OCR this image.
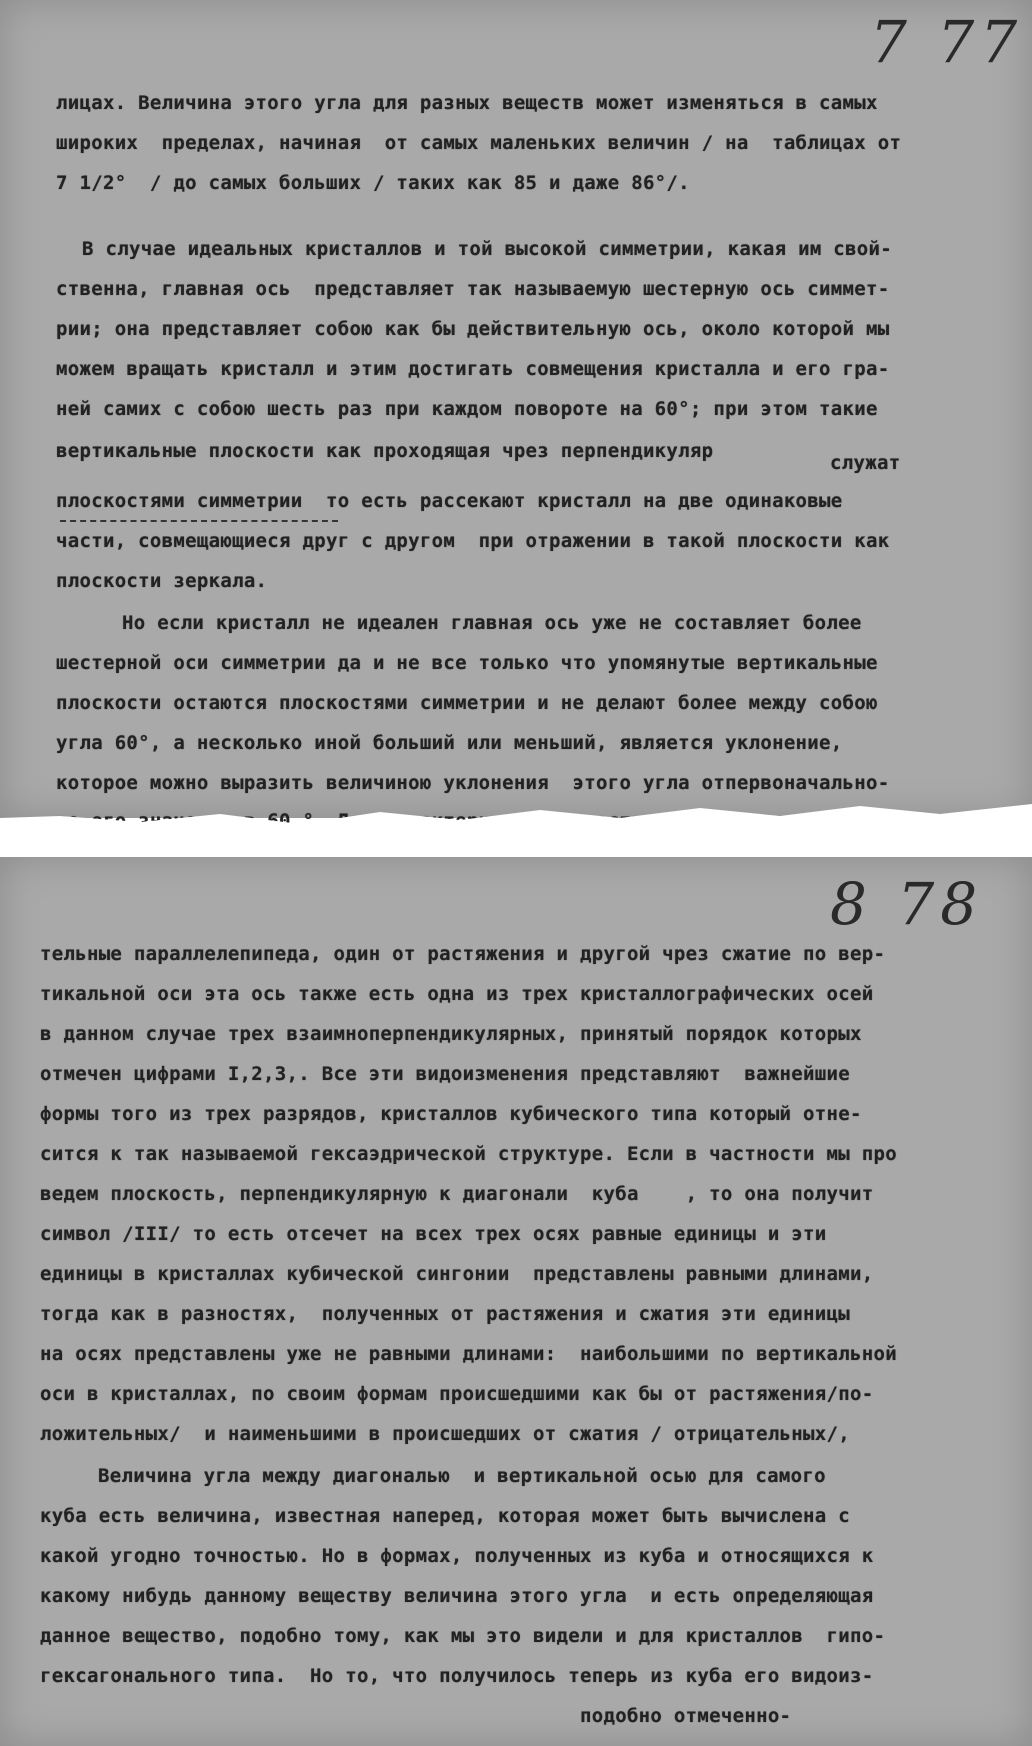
7 77
лицах. Величина этого угла для разных веществ может изменяться в самых
широких  пределах, начиная  от самых маленьких величин / на  таблицах от
7 1/2°  / до самых больших / таких как 85 и даже 86°/.
В случае идеальных кристаллов и той высокой симметрии, какая им свой-
ственна, главная ось  представляет так называемую шестерную ось симмет-
рии; она представляет собою как бы действительную ось, около которой мы
можем вращать кристалл и этим достигать совмещения кристалла и его гра-
ней самих с собою шесть раз при каждом повороте на 60°; при этом такие
вертикальные плоскости как проходящая чрез перпендикуляр
служат
плоскостями симметрии  то есть рассекают кристалл на две одинаковые
части, совмещающиеся друг с другом  при отражении в такой плоскости как
плоскости зеркала.
Но если кристалл не идеален главная ось уже не составляет более
шестерной оси симметрии да и не все только что упомянутые вертикальные
плоскости остаются плоскостями симметрии и не делают более между собою
угла 60°, а несколько иной больший или меньший, является уклонение,
которое можно выразить величиною уклонения  этого угла отпервоначально-
8 78
тельные параллелепипеда, один от растяжения и другой чрез сжатие по вер-
тикальной оси эта ось также есть одна из трех кристаллографических осей
в данном случае трех взаимноперпендикулярных, принятый порядок которых
отмечен цифрами I,2,3,. Все эти видоизменения представляют  важнейшие
формы того из трех разрядов, кристаллов кубического типа который отне-
сится к так называемой гексаэдрической структуре. Если в частности мы про
ведем плоскость, перпендикулярную к диагонали  куба    , то она получит
символ /III/ то есть отсечет на всех трех осях равные единицы и эти
единицы в кристаллах кубической сингонии  представлены равными длинами,
тогда как в разностях,  полученных от растяжения и сжатия эти единицы
на осях представлены уже не равными длинами:  наибольшими по вертикальной
оси в кристаллах, по своим формам происшедшими как бы от растяжения/по-
ложительных/  и наименьшими в происшедших от сжатия / отрицательных/,
Величина угла между диагональю  и вертикальной осью для самого
куба есть величина, известная наперед, которая может быть вычислена с
какой угодно точностью. Но в формах, полученных из куба и относящихся к
какому нибудь данному веществу величина этого угла  и есть определяющая
данное вещество, подобно тому, как мы это видели и для кристаллов  гипо-
гексагонального типа.  Но то, что получилось теперь из куба его видоиз-
подобно отмеченно-
